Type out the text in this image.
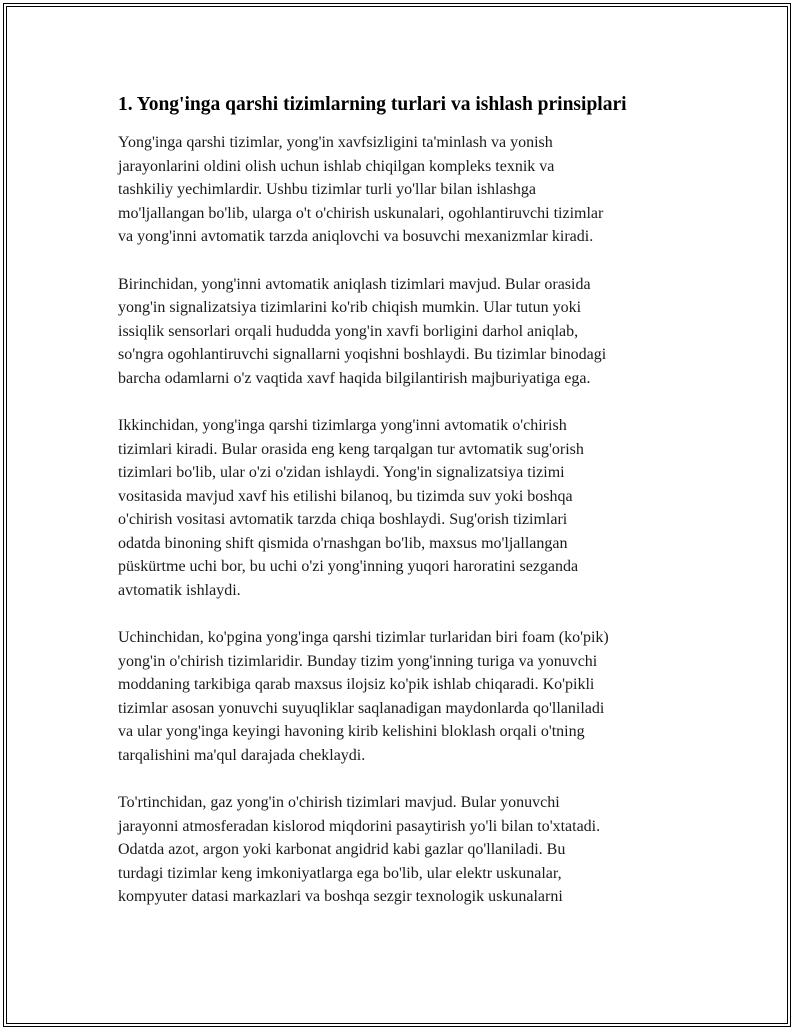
1. Yong'inga qarshi tizimlarning turlari va ishlash prinsiplari

Yong'inga qarshi tizimlar, yong'in xavfsizligini ta'minlash va yonish
jarayonlarini oldini olish uchun ishlab chiqilgan kompleks texnik va
tashkiliy yechimlardir. Ushbu tizimlar turli yo'llar bilan ishlashga
mo'ljallangan bo'lib, ularga o't o'chirish uskunalari, ogohlantiruvchi tizimlar
va yong'inni avtomatik tarzda aniqlovchi va bosuvchi mexanizmlar kiradi.

Birinchidan, yong'inni avtomatik aniqlash tizimlari mavjud. Bular orasida
yong'in signalizatsiya tizimlarini ko'rib chiqish mumkin. Ular tutun yoki
issiqlik sensorlari orqali hududda yong'in xavfi borligini darhol aniqlab,
so'ngra ogohlantiruvchi signallarni yoqishni boshlaydi. Bu tizimlar binodagi
barcha odamlarni o'z vaqtida xavf haqida bilgilantirish majburiyatiga ega.

Ikkinchidan, yong'inga qarshi tizimlarga yong'inni avtomatik o'chirish
tizimlari kiradi. Bular orasida eng keng tarqalgan tur avtomatik sug'orish
tizimlari bo'lib, ular o'zi o'zidan ishlaydi. Yong'in signalizatsiya tizimi
vositasida mavjud xavf his etilishi bilanoq, bu tizimda suv yoki boshqa
o'chirish vositasi avtomatik tarzda chiqa boshlaydi. Sug'orish tizimlari
odatda binoning shift qismida o'rnashgan bo'lib, maxsus mo'ljallangan
püskürtme uchi bor, bu uchi o'zi yong'inning yuqori haroratini sezganda
avtomatik ishlaydi.

Uchinchidan, ko'pgina yong'inga qarshi tizimlar turlaridan biri foam (ko'pik)
yong'in o'chirish tizimlaridir. Bunday tizim yong'inning turiga va yonuvchi
moddaning tarkibiga qarab maxsus ilojsiz ko'pik ishlab chiqaradi. Ko'pikli
tizimlar asosan yonuvchi suyuqliklar saqlanadigan maydonlarda qo'llaniladi
va ular yong'inga keyingi havoning kirib kelishini bloklash orqali o'tning
tarqalishini ma'qul darajada cheklaydi.

To'rtinchidan, gaz yong'in o'chirish tizimlari mavjud. Bular yonuvchi
jarayonni atmosferadan kislorod miqdorini pasaytirish yo'li bilan to'xtatadi.
Odatda azot, argon yoki karbonat angidrid kabi gazlar qo'llaniladi. Bu
turdagi tizimlar keng imkoniyatlarga ega bo'lib, ular elektr uskunalar,
kompyuter datasi markazlari va boshqa sezgir texnologik uskunalarni
